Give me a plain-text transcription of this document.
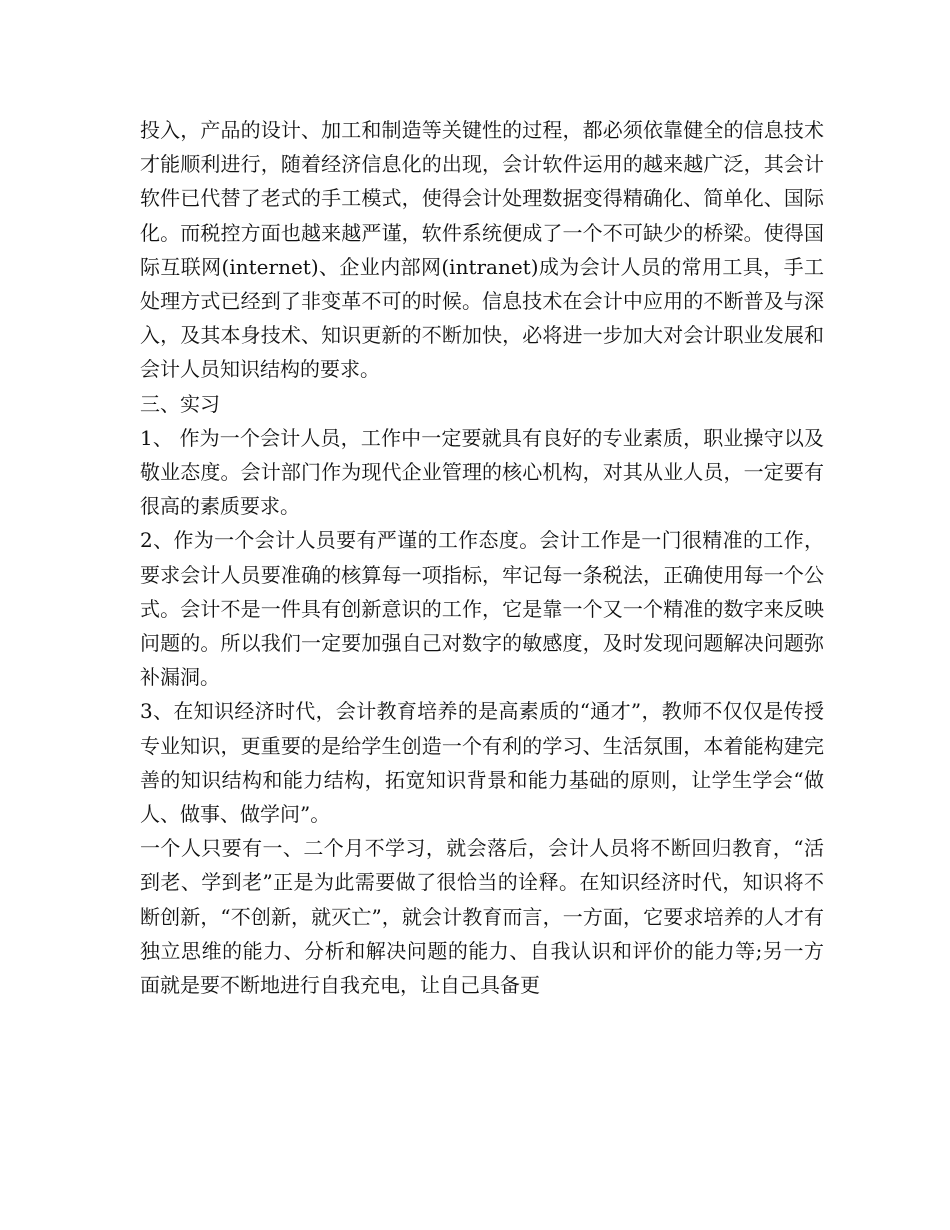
投入，产品的设计、加工和制造等关键性的过程，都必须依靠健全的信息技术才能顺利进行，随着经济信息化的出现，会计软件运用的越来越广泛，其会计软件已代替了老式的手工模式，使得会计处理数据变得精确化、简单化、国际化。而税控方面也越来越严谨，软件系统便成了一个不可缺少的桥梁。使得国际互联网(internet)、企业内部网(intranet)成为会计人员的常用工具，手工处理方式已经到了非变革不可的时候。信息技术在会计中应用的不断普及与深入，及其本身技术、知识更新的不断加快，必将进一步加大对会计职业发展和会计人员知识结构的要求。

三、实习

1、 作为一个会计人员，工作中一定要就具有良好的专业素质，职业操守以及敬业态度。会计部门作为现代企业管理的核心机构，对其从业人员，一定要有很高的素质要求。

2、作为一个会计人员要有严谨的工作态度。会计工作是一门很精准的工作，要求会计人员要准确的核算每一项指标，牢记每一条税法，正确使用每一个公式。会计不是一件具有创新意识的工作，它是靠一个又一个精准的数字来反映问题的。所以我们一定要加强自己对数字的敏感度，及时发现问题解决问题弥补漏洞。

3、在知识经济时代，会计教育培养的是高素质的“通才”，教师不仅仅是传授专业知识，更重要的是给学生创造一个有利的学习、生活氛围，本着能构建完善的知识结构和能力结构，拓宽知识背景和能力基础的原则，让学生学会“做人、做事、做学问”。

一个人只要有一、二个月不学习，就会落后，会计人员将不断回归教育，“活到老、学到老”正是为此需要做了很恰当的诠释。在知识经济时代，知识将不断创新，“不创新，就灭亡”，就会计教育而言，一方面，它要求培养的人才有独立思维的能力、分析和解决问题的能力、自我认识和评价的能力等;另一方面就是要不断地进行自我充电，让自己具备更
